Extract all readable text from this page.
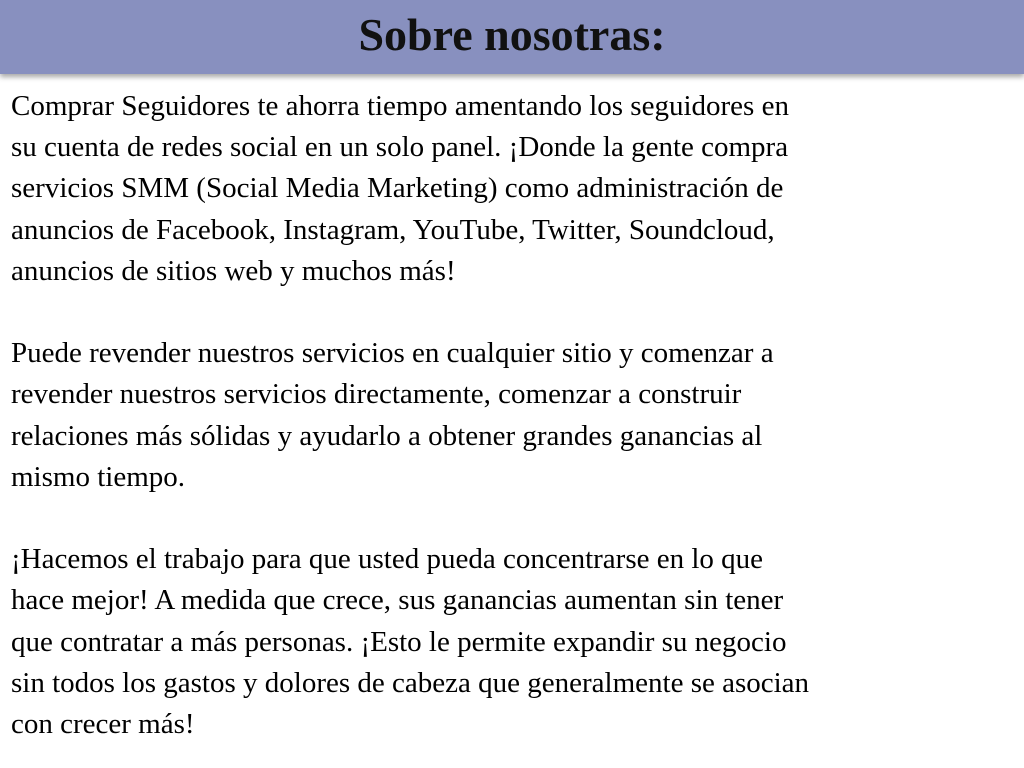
Sobre nosotras:

Comprar Seguidores te ahorra tiempo amentando los seguidores en
su cuenta de redes social en un solo panel. ¡Donde la gente compra
servicios SMM (Social Media Marketing) como administración de
anuncios de Facebook, Instagram, YouTube, Twitter, Soundcloud,
anuncios de sitios web y muchos más!

Puede revender nuestros servicios en cualquier sitio y comenzar a
revender nuestros servicios directamente, comenzar a construir
relaciones más sólidas y ayudarlo a obtener grandes ganancias al
mismo tiempo.

¡Hacemos el trabajo para que usted pueda concentrarse en lo que
hace mejor! A medida que crece, sus ganancias aumentan sin tener
que contratar a más personas. ¡Esto le permite expandir su negocio
sin todos los gastos y dolores de cabeza que generalmente se asocian
con crecer más!
